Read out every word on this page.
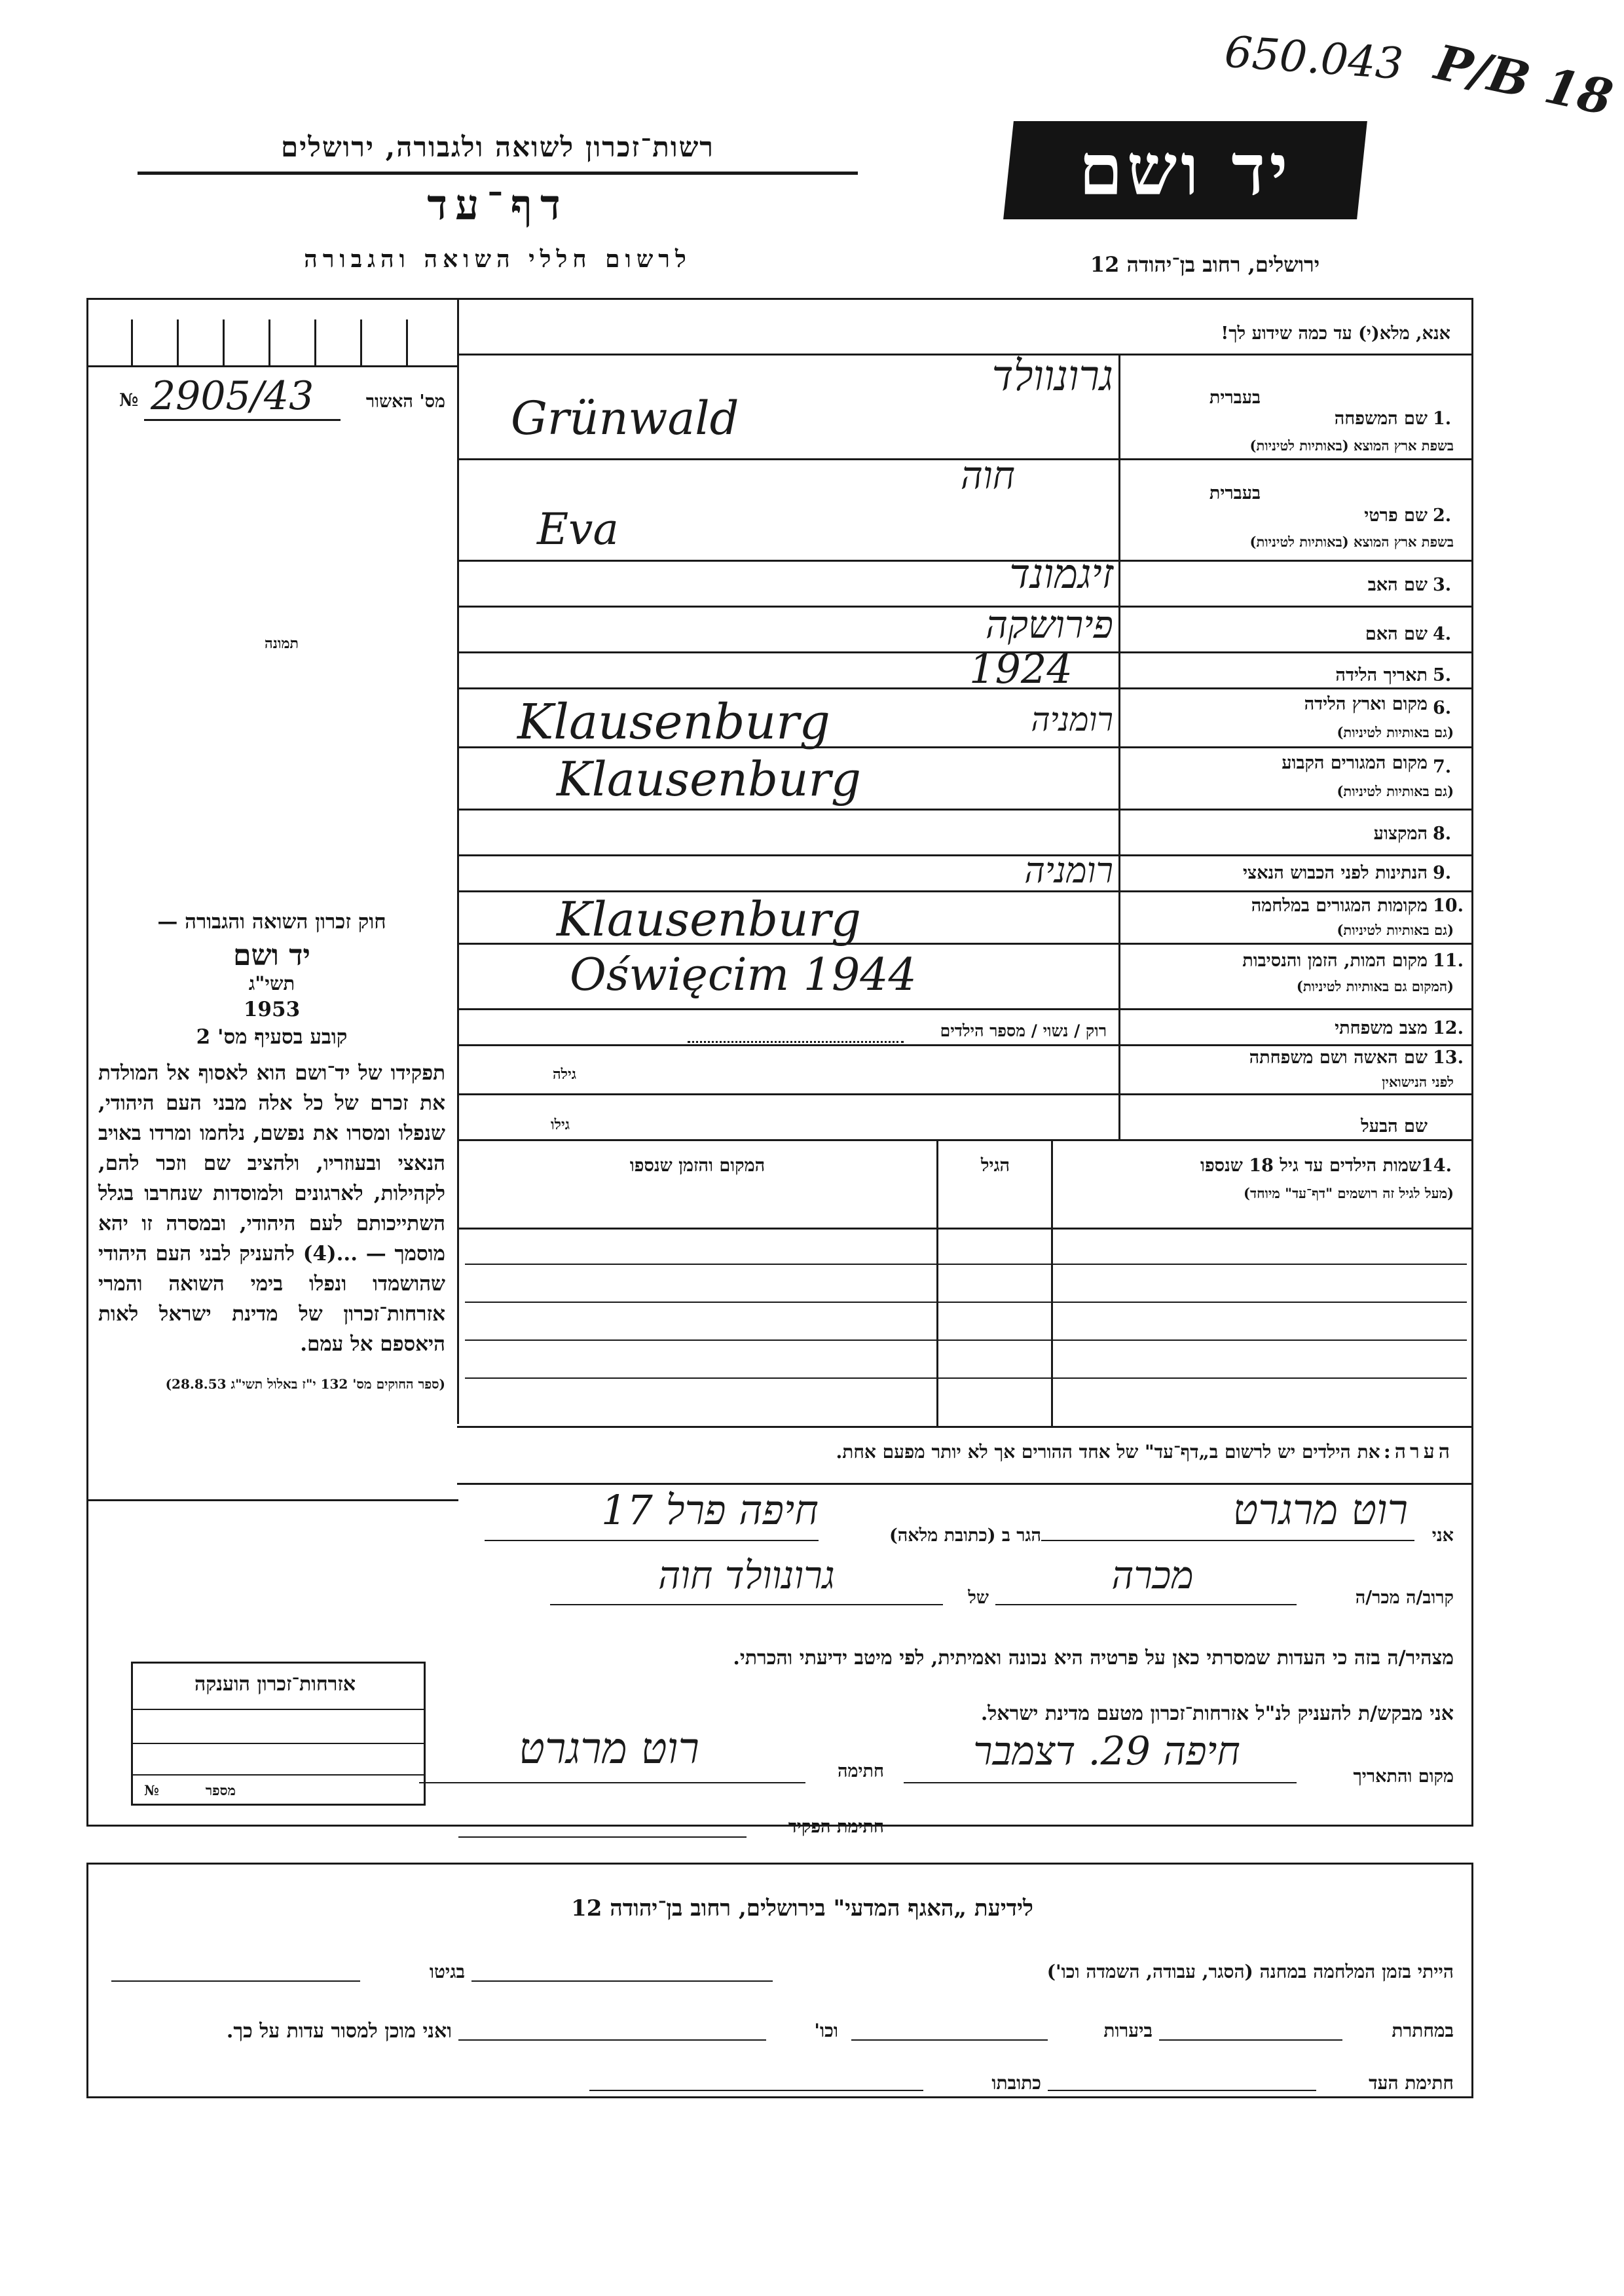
650.043 P/B 18
רשות־זכרון לשואה ולגבורה, ירושלים
דף־עד
לרשום חללי השואה והגבורה
יד ושם
ירושלים, רחוב בן־יהודה 12
מס' האשור
2905/43
№
תמונה
אנא, מלא(י) עד כמה שידוע לך!
בעברית
שם המשפחה 1.
בשפת ארץ המוצא (באותיות לטיניות)
גרונוולד
Grünwald
בעברית
שם פרטי 2.
בשפת ארץ המוצא (באותיות לטיניות)
חוה
Eva
שם האב 3.
זיגמונד
שם האם 4.
פירושקה
תאריך הלידה 5.
1924
מקום וארץ הלידה 6.
(גם באותיות לטיניות)
Klausenburg	רומניה
מקום המגורים הקבוע 7.
(גם באותיות לטיניות)
Klausenburg
המקצוע 8.
הנתינות לפני הכבוש הנאצי 9.
רומניה
מקומות המגורים במלחמה 10.
(גם באותיות לטיניות)
Klausenburg
מקום המות, הזמן והנסיבות 11.
(המקום גם באותיות לטיניות)
Oświęcim 1944
מצב משפחתי 12.
רוק / נשוי / מספר הילדים
שם האשה ושם משפחתה 13.
לפני הנישואין
גילה
שם הבעל
גילו
14.
שמות הילדים עד גיל 18 שנספו
(מעל לגיל זה רושמים "דף־עד" מיוחד)
הגיל
המקום והזמן שנספו
חוק זכרון השואה והגבורה —
יד ושם
תשי"ג
1953
קובע בסעיף מס' 2
תפקידו של יד־ושם הוא לאסוף אל המולדת את זכרם של כל אלה מבני העם היהודי, שנפלו ומסרו את נפשם, נלחמו ומרדו באויב הנאצי ובעוזריו, ולהציב שם וזכר להם, לקהילות, לארגונים ולמוסדות שנחרבו בגלל השתייכותם לעם היהודי, ובמסרה זו יהא מוסמך — ...(4) להעניק לבני העם היהודי שהושמדו ונפלו בימי השואה והמרי אזרחות־זכרון של מדינת ישראל לאות היאספם אל עמם.
(ספר החוקים מס' 132 י"ז באלול תשי"ג 28.8.53)
הערה: את הילדים יש לרשום ב„דף־עד" של אחד ההורים אך לא יותר מפעם אחת.
אני
רוט מרגרט
הגר ב (כתובת מלאה)
חיפה פרל 17
קרוב/ה מכר/ה
מכרה
של
גרונוולד חוה
מצהיר/ה בזה כי העדות שמסרתי כאן על פרטיה היא נכונה ואמיתית, לפי מיטב ידיעתי והכרתי.
אני מבקש/ת להעניק לנ"ל אזרחות־זכרון מטעם מדינת ישראל.
מקום והתאריך
חיפה 29. דצמבר
חתימה
רוט מרגרט
חתימת הפקיד
אזרחות־זכרון הוענקה
מספר
№
לידיעת „האגף המדעי" בירושלים, רחוב בן־יהודה 12
הייתי בזמן המלחמה במחנה (הסגר, עבודה, השמדה וכו')
בגיטו
במחתרת
ביערות
וכו'
ואני מוכן למסור עדות על כך.
חתימת העד
כתובתו
